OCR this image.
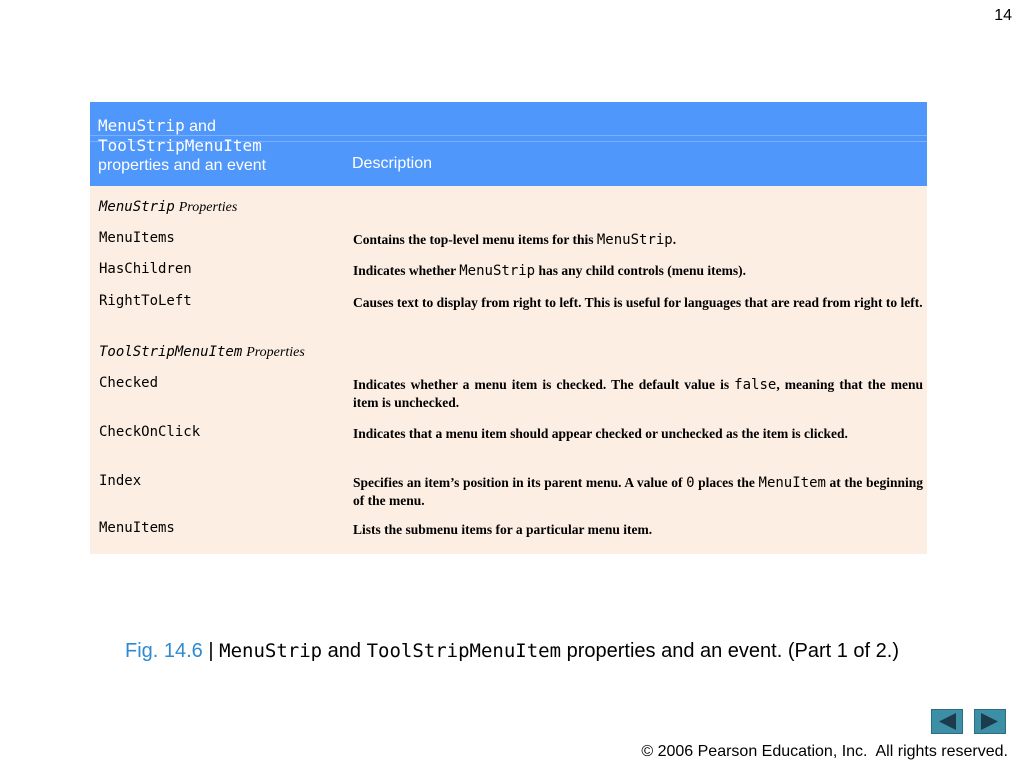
14
MenuStrip and
ToolStripMenuItem
properties and an event	Description
MenuStrip Properties
MenuItems	Contains the top-level menu items for this MenuStrip.
HasChildren	Indicates whether MenuStrip has any child controls (menu items).
RightToLeft	Causes text to display from right to left. This is useful for languages that are read from right to left.
ToolStripMenuItem Properties
Checked	Indicates whether a menu item is checked. The default value is false, meaning that the menu item is unchecked.
CheckOnClick	Indicates that a menu item should appear checked or unchecked as the item is clicked.
Index	Specifies an item’s position in its parent menu. A value of 0 places the MenuItem at the beginning of the menu.
MenuItems	Lists the submenu items for a particular menu item.
Fig. 14.6 | MenuStrip and ToolStripMenuItem properties and an event. (Part 1 of 2.)
© 2006 Pearson Education, Inc.  All rights reserved.
